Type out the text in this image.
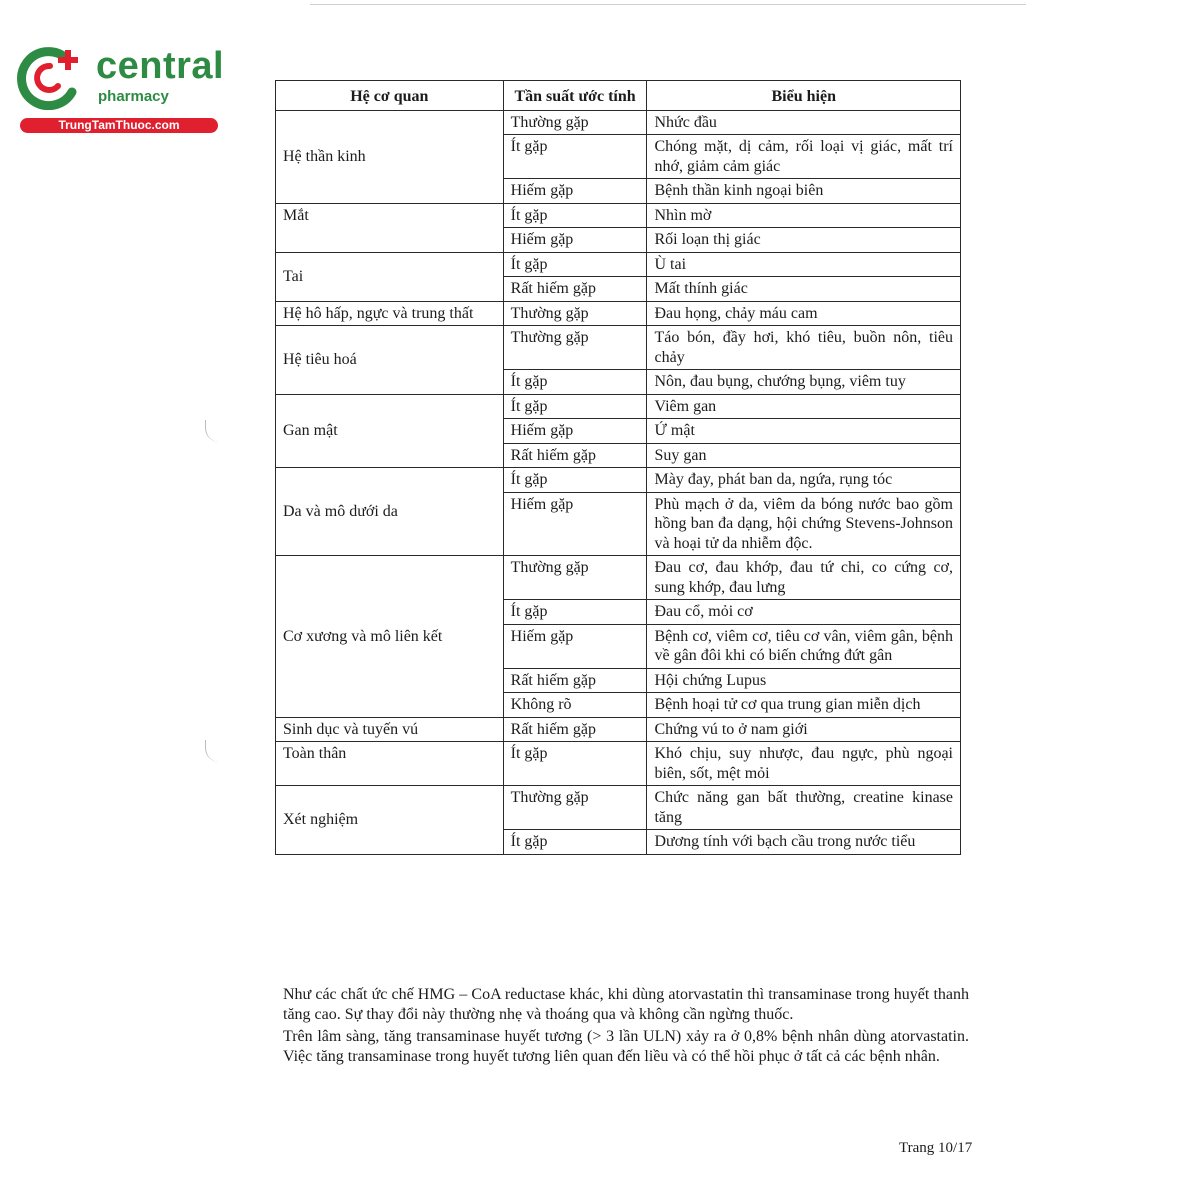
central
pharmacy
TrungTamThuoc.com
Hệ cơ quan	Tần suất ước tính	Biểu hiện
Hệ thần kinh	Thường gặp	Nhức đầu
	Ít gặp	Chóng mặt, dị cảm, rối loại vị giác, mất trí nhớ, giảm cảm giác
	Hiếm gặp	Bệnh thần kinh ngoại biên
Mắt	Ít gặp	Nhìn mờ
	Hiếm gặp	Rối loạn thị giác
Tai	Ít gặp	Ù tai
	Rất hiếm gặp	Mất thính giác
Hệ hô hấp, ngực và trung thất	Thường gặp	Đau họng, chảy máu cam
Hệ tiêu hoá	Thường gặp	Táo bón, đầy hơi, khó tiêu, buồn nôn, tiêu chảy
	Ít gặp	Nôn, đau bụng, chướng bụng, viêm tuy
Gan mật	Ít gặp	Viêm gan
	Hiếm gặp	Ứ mật
	Rất hiếm gặp	Suy gan
Da và mô dưới da	Ít gặp	Mày đay, phát ban da, ngứa, rụng tóc
	Hiếm gặp	Phù mạch ở da, viêm da bóng nước bao gồm hồng ban đa dạng, hội chứng Stevens-Johnson và hoại tử da nhiễm độc.
Cơ xương và mô liên kết	Thường gặp	Đau cơ, đau khớp, đau tứ chi, co cứng cơ, sung khớp, đau lưng
	Ít gặp	Đau cổ, mỏi cơ
	Hiếm gặp	Bệnh cơ, viêm cơ, tiêu cơ vân, viêm gân, bệnh về gân đôi khi có biến chứng đứt gân
	Rất hiếm gặp	Hội chứng Lupus
	Không rõ	Bệnh hoại tử cơ qua trung gian miễn dịch
Sinh dục và tuyến vú	Rất hiếm gặp	Chứng vú to ở nam giới
Toàn thân	Ít gặp	Khó chịu, suy nhược, đau ngực, phù ngoại biên, sốt, mệt mỏi
Xét nghiệm	Thường gặp	Chức năng gan bất thường, creatine kinase tăng
	Ít gặp	Dương tính với bạch cầu trong nước tiểu

Như các chất ức chế HMG – CoA reductase khác, khi dùng atorvastatin thì transaminase trong huyết thanh tăng cao. Sự thay đổi này thường nhẹ và thoáng qua và không cần ngừng thuốc.

Trên lâm sàng, tăng transaminase huyết tương (> 3 lần ULN) xảy ra ở 0,8% bệnh nhân dùng atorvastatin. Việc tăng transaminase trong huyết tương liên quan đến liều và có thể hồi phục ở tất cả các bệnh nhân.

Trang 10/17
